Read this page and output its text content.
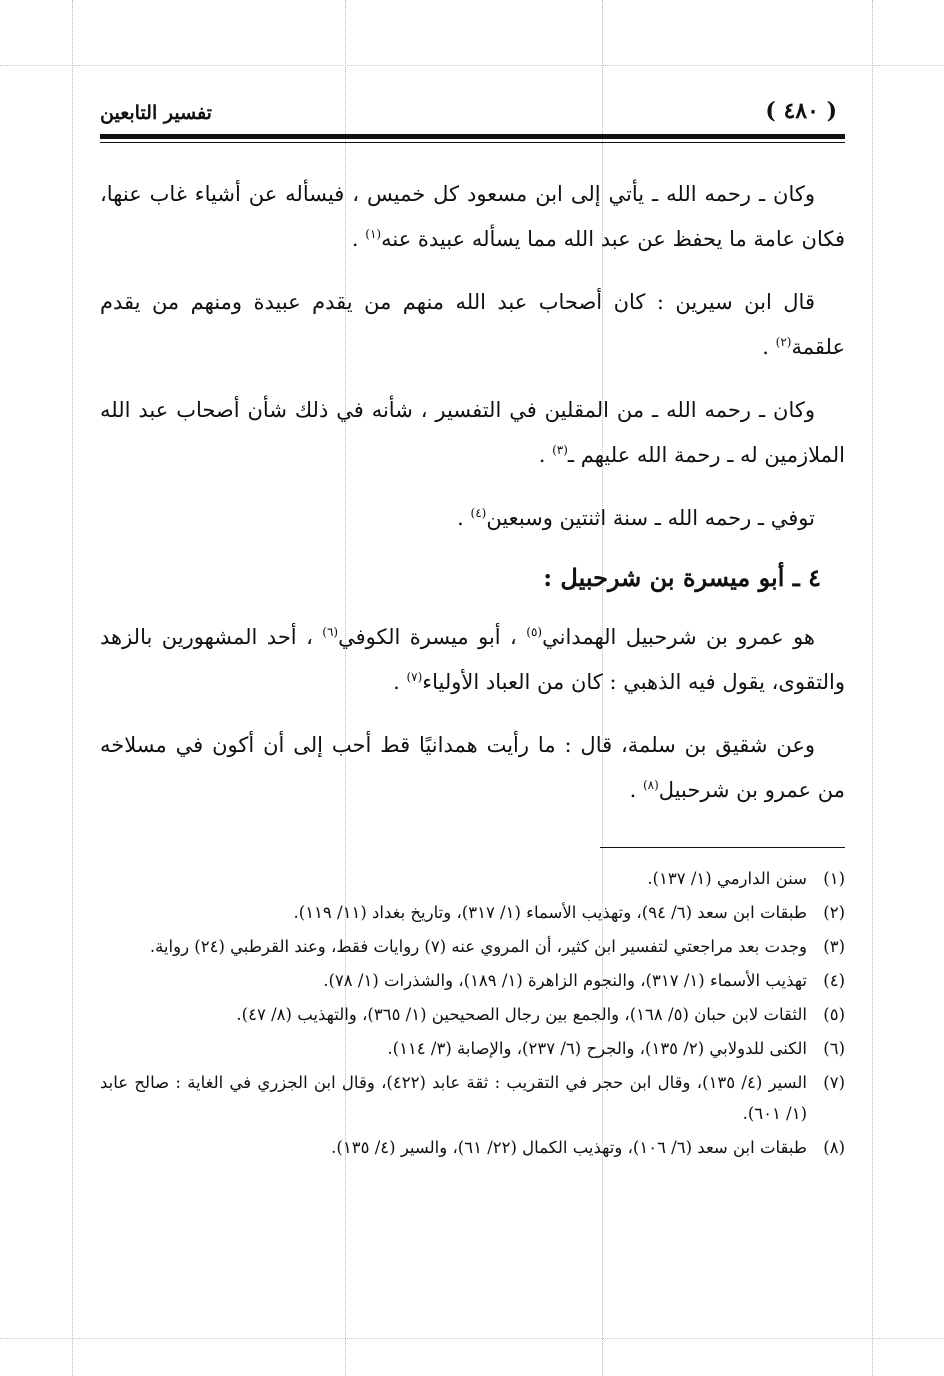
( ٤٨٠ )
تفسير التابعين

وكان ـ رحمه الله ـ يأتي إلى ابن مسعود كل خميس ، فيسأله عن أشياء غاب عنها، فكان عامة ما يحفظ عن عبد الله مما يسأله عبيدة عنه$^{(١)}$ .

قال ابن سيرين : كان أصحاب عبد الله منهم من يقدم عبيدة ومنهم من يقدم علقمة$^{(٢)}$ .

وكان ـ رحمه الله ـ من المقلين في التفسير ، شأنه في ذلك شأن أصحاب عبد الله الملازمين له ـ رحمة الله عليهم ـ$^{(٣)}$ .

توفي ـ رحمه الله ـ سنة اثنتين وسبعين$^{(٤)}$ .

٤ ـ أبو ميسرة بن شرحبيل :

هو عمرو بن شرحبيل الهمداني$^{(٥)}$ ، أبو ميسرة الكوفي$^{(٦)}$ ، أحد المشهورين بالزهد والتقوى، يقول فيه الذهبي : كان من العباد الأولياء$^{(٧)}$ .

وعن شقيق بن سلمة، قال : ما رأيت همدانيًا قط أحب إلى أن أكون في مسلاخه من عمرو بن شرحبيل$^{(٨)}$ .

(١)
سنن الدارمي (١/ ١٣٧).

(٢)
طبقات ابن سعد (٦/ ٩٤)، وتهذيب الأسماء (١/ ٣١٧)، وتاريخ بغداد (١١/ ١١٩).

(٣)
وجدت بعد مراجعتي لتفسير ابن كثير، أن المروي عنه (٧) روايات فقط، وعند القرطبي (٢٤) رواية.

(٤)
تهذيب الأسماء (١/ ٣١٧)، والنجوم الزاهرة (١/ ١٨٩)، والشذرات (١/ ٧٨).

(٥)
الثقات لابن حبان (٥/ ١٦٨)، والجمع بين رجال الصحيحين (١/ ٣٦٥)، والتهذيب (٨/ ٤٧).

(٦)
الكنى للدولابي (٢/ ١٣٥)، والجرح (٦/ ٢٣٧)، والإصابة (٣/ ١١٤).

(٧)
السير (٤/ ١٣٥)، وقال ابن حجر في التقريب : ثقة عابد (٤٢٢)، وقال ابن الجزري في الغاية : صالح عابد (١/ ٦٠١).

(٨)
طبقات ابن سعد (٦/ ١٠٦)، وتهذيب الكمال (٢٢/ ٦١)، والسير (٤/ ١٣٥).
